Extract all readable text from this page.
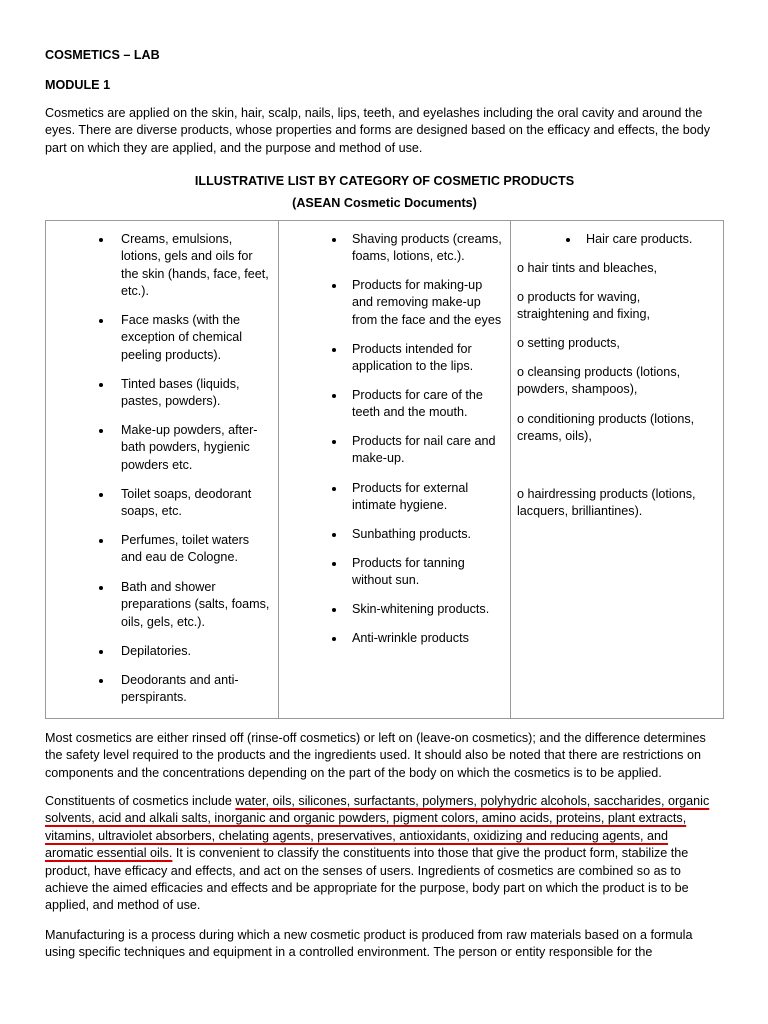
COSMETICS – LAB
MODULE 1
Cosmetics are applied on the skin, hair, scalp, nails, lips, teeth, and eyelashes including the oral cavity and around the eyes. There are diverse products, whose properties and forms are designed based on the efficacy and effects, the body part on which they are applied, and the purpose and method of use.
ILLUSTRATIVE LIST BY CATEGORY OF COSMETIC PRODUCTS
(ASEAN Cosmetic Documents)
Creams, emulsions, lotions, gels and oils for the skin (hands, face, feet, etc.).
Face masks (with the exception of chemical peeling products).
Tinted bases (liquids, pastes, powders).
Make-up powders, after-bath powders, hygienic powders etc.
Toilet soaps, deodorant soaps, etc.
Perfumes, toilet waters and eau de Cologne.
Bath and shower preparations (salts, foams, oils, gels, etc.).
Depilatories.
Deodorants and anti-perspirants.
Shaving products (creams, foams, lotions, etc.).
Products for making-up and removing make-up from the face and the eyes
Products intended for application to the lips.
Products for care of the teeth and the mouth.
Products for nail care and make-up.
Products for external intimate hygiene.
Sunbathing products.
Products for tanning without sun.
Skin-whitening products.
Anti-wrinkle products
Hair care products.
o hair tints and bleaches,
o products for waving, straightening and fixing,
o setting products,
o cleansing products (lotions, powders, shampoos),
o conditioning products (lotions, creams, oils),
o hairdressing products (lotions, lacquers, brilliantines).
Most cosmetics are either rinsed off (rinse-off cosmetics) or left on (leave-on cosmetics); and the difference determines the safety level required to the products and the ingredients used. It should also be noted that there are restrictions on components and the concentrations depending on the part of the body on which the cosmetics is to be applied.
Constituents of cosmetics include water, oils, silicones, surfactants, polymers, polyhydric alcohols, saccharides, organic solvents, acid and alkali salts, inorganic and organic powders, pigment colors, amino acids, proteins, plant extracts, vitamins, ultraviolet absorbers, chelating agents, preservatives, antioxidants, oxidizing and reducing agents, and aromatic essential oils. It is convenient to classify the constituents into those that give the product form, stabilize the product, have efficacy and effects, and act on the senses of users. Ingredients of cosmetics are combined so as to achieve the aimed efficacies and effects and be appropriate for the purpose, body part on which the product is to be applied, and method of use.
Manufacturing is a process during which a new cosmetic product is produced from raw materials based on a formula using specific techniques and equipment in a controlled environment. The person or entity responsible for the
